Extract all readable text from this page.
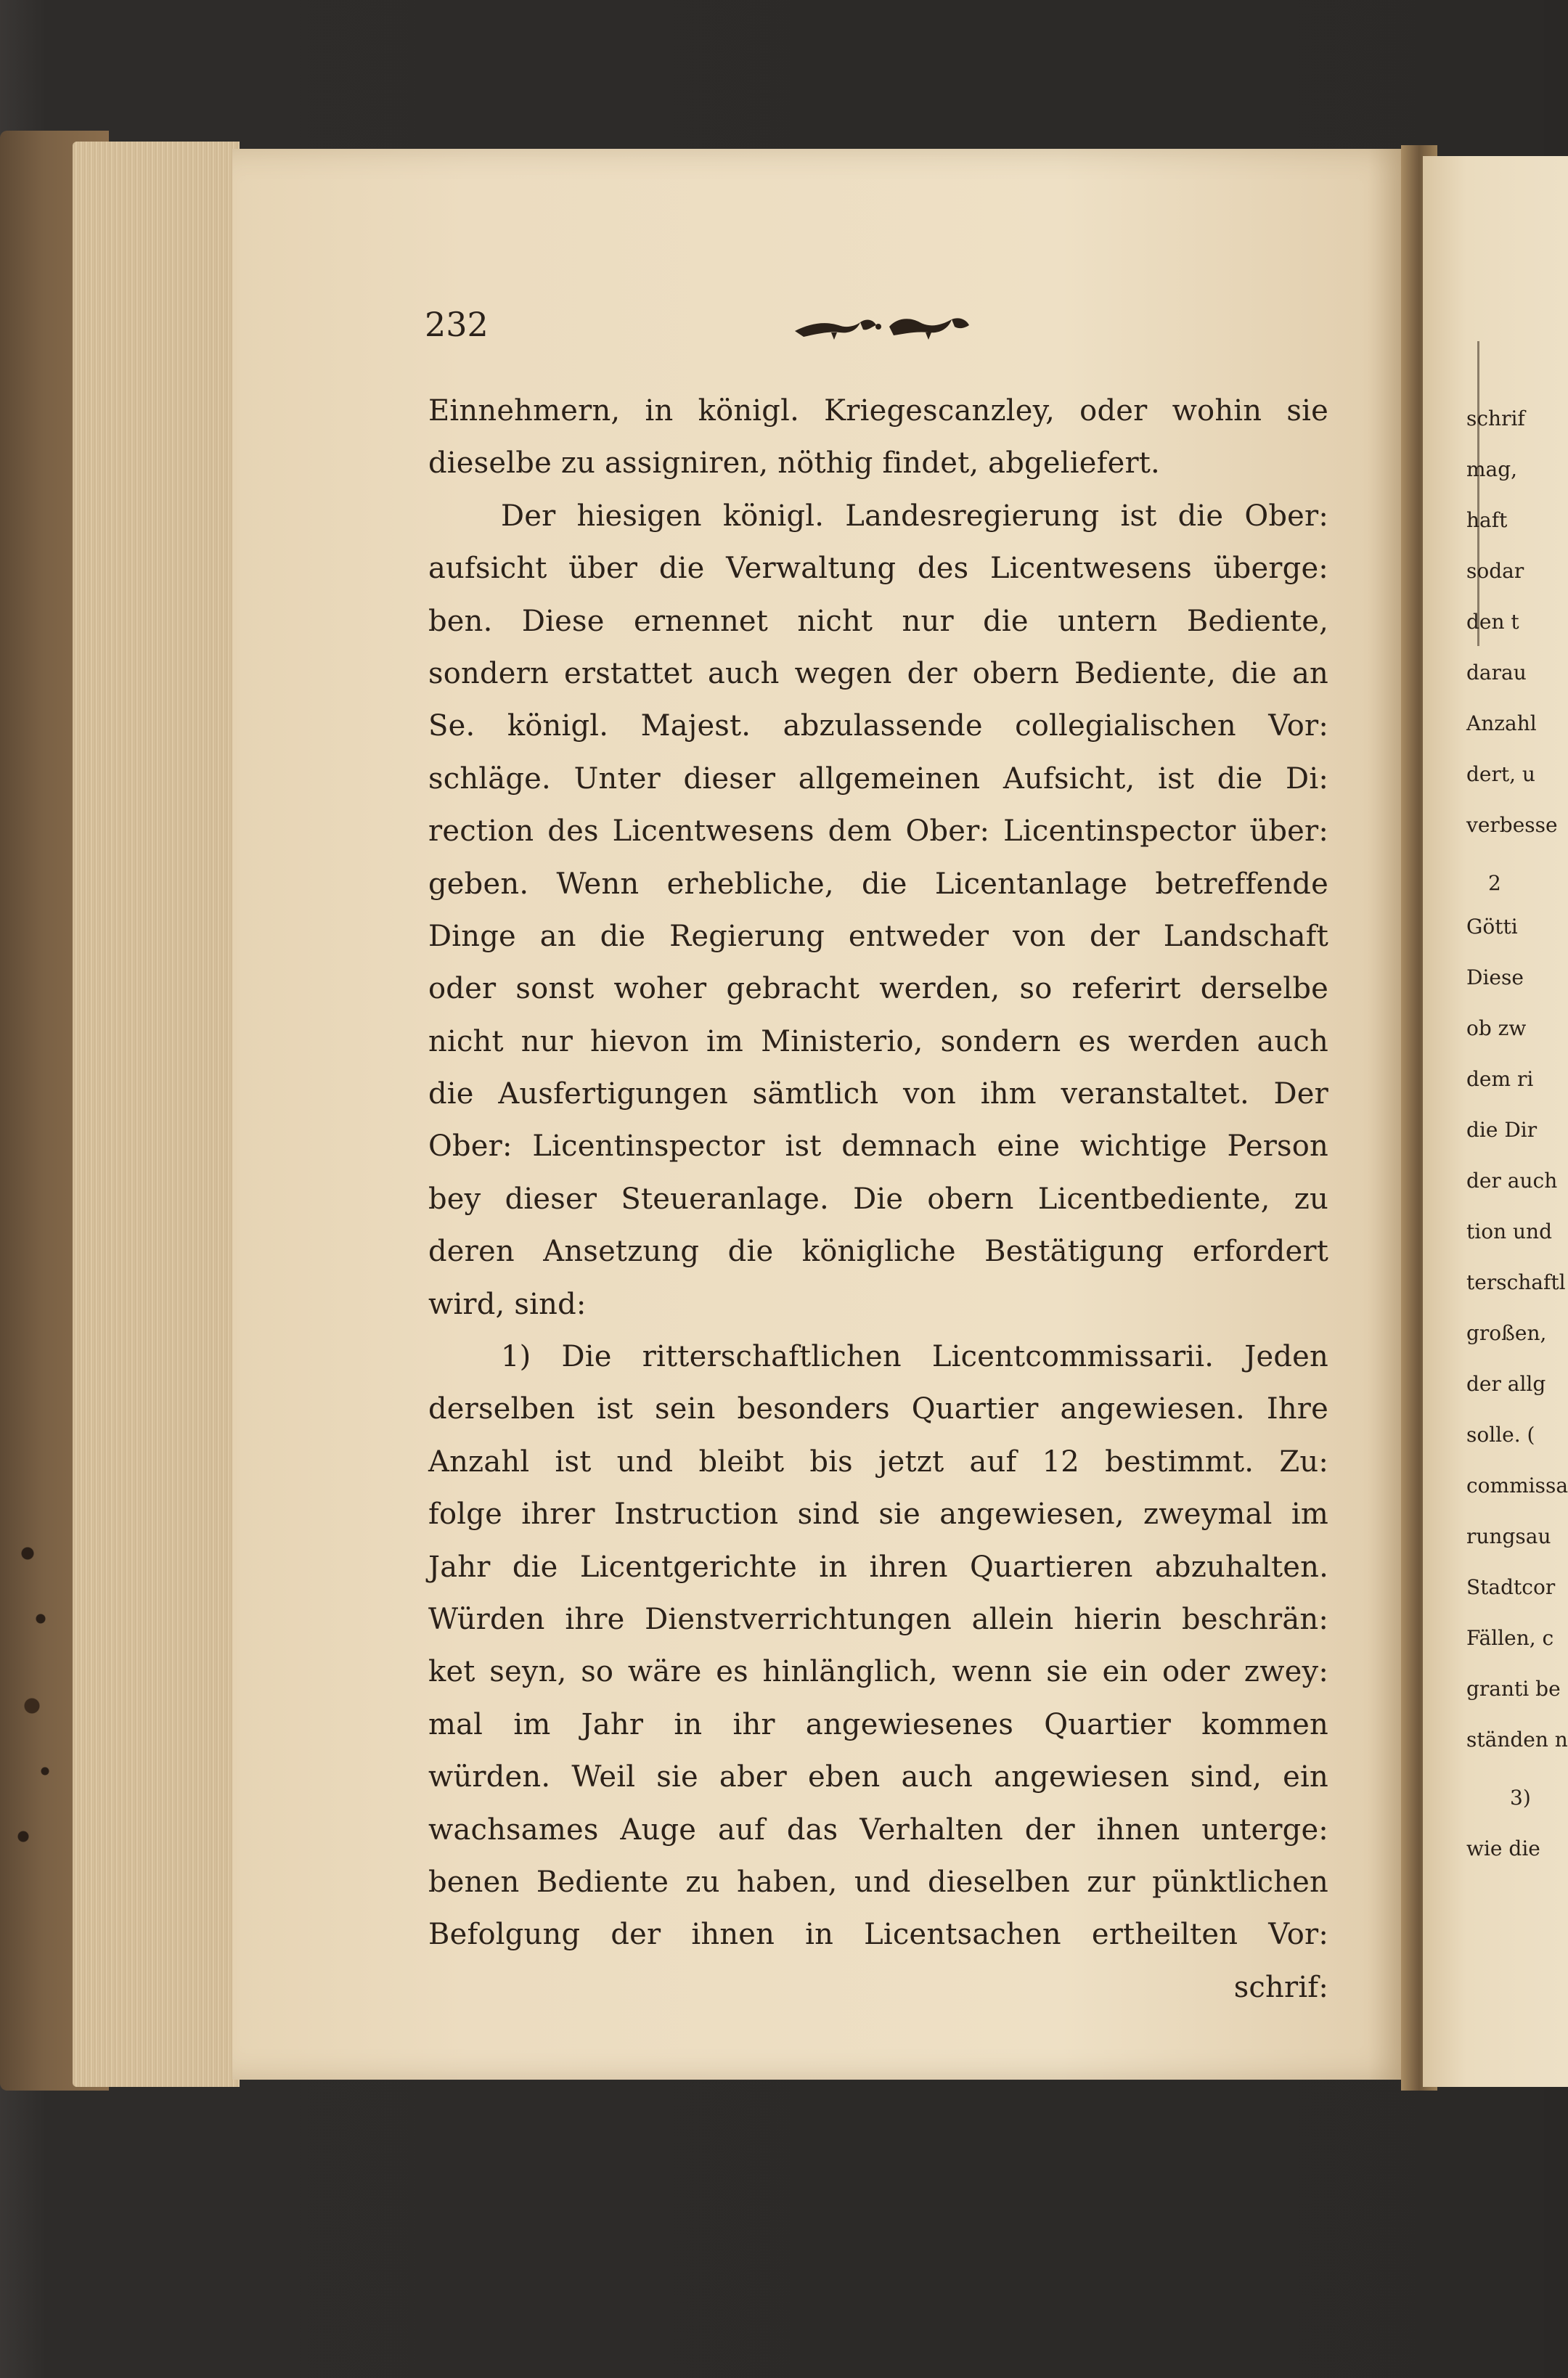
232
Einnehmern, in königl. Kriegescanzley, oder wohin sie
dieselbe zu assigniren, nöthig findet, abgeliefert.
Der hiesigen königl. Landesregierung ist die Ober:
aufsicht über die Verwaltung des Licentwesens überge:
ben. Diese ernennet nicht nur die untern Bediente,
sondern erstattet auch wegen der obern Bediente, die an
Se. königl. Majest. abzulassende collegialischen Vor:
schläge. Unter dieser allgemeinen Aufsicht, ist die Di:
rection des Licentwesens dem Ober: Licentinspector über:
geben. Wenn erhebliche, die Licentanlage betreffende
Dinge an die Regierung entweder von der Landschaft
oder sonst woher gebracht werden, so referirt derselbe
nicht nur hievon im Ministerio, sondern es werden auch
die Ausfertigungen sämtlich von ihm veranstaltet. Der
Ober: Licentinspector ist demnach eine wichtige Person
bey dieser Steueranlage. Die obern Licentbediente, zu
deren Ansetzung die königliche Bestätigung erfordert
wird, sind:
1) Die ritterschaftlichen Licentcommissarii. Jeden
derselben ist sein besonders Quartier angewiesen. Ihre
Anzahl ist und bleibt bis jetzt auf 12 bestimmt. Zu:
folge ihrer Instruction sind sie angewiesen, zweymal im
Jahr die Licentgerichte in ihren Quartieren abzuhalten.
Würden ihre Dienstverrichtungen allein hierin beschrän:
ket seyn, so wäre es hinlänglich, wenn sie ein oder zwey:
mal im Jahr in ihr angewiesenes Quartier kommen
würden. Weil sie aber eben auch angewiesen sind, ein
wachsames Auge auf das Verhalten der ihnen unterge:
benen Bediente zu haben, und dieselben zur pünktlichen
Befolgung der ihnen in Licentsachen ertheilten Vor:
schrif:
schrif
mag,
haft
sodar
den t
darau
Anzahl
dert, u
verbesse
2
Götti
Diese
ob zw
dem ri
die Dir
der auch
tion und
terschaftl
großen,
der allg
solle. (
commissa
rungsau
Stadtcor
Fällen, c
granti be
ständen n
3)
wie die
